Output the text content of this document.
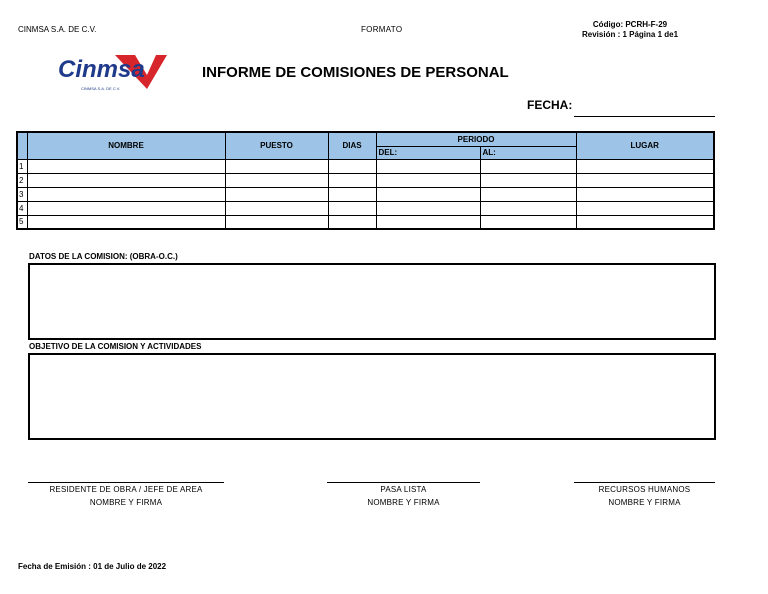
CINMSA S.A. DE C.V.	FORMATO
Código: PCRH-F-29
Revisión : 1 Página 1 de1
Cinmsa
CINMSA S.A. DE C.V.
INFORME DE COMISIONES DE PERSONAL
FECHA:
	NOMBRE	PUESTO	DIAS	PERIODO		LUGAR
				DEL:	AL:	
1						
2						
3						
4						
5						
DATOS DE LA COMISION: (OBRA-O.C.)
OBJETIVO DE LA COMISION Y ACTIVIDADES
RESIDENTE DE OBRA / JEFE DE AREA
NOMBRE Y FIRMA
PASA LISTA
NOMBRE Y FIRMA
RECURSOS HUMANOS
NOMBRE Y FIRMA
Fecha de Emisión : 01 de Julio de 2022
